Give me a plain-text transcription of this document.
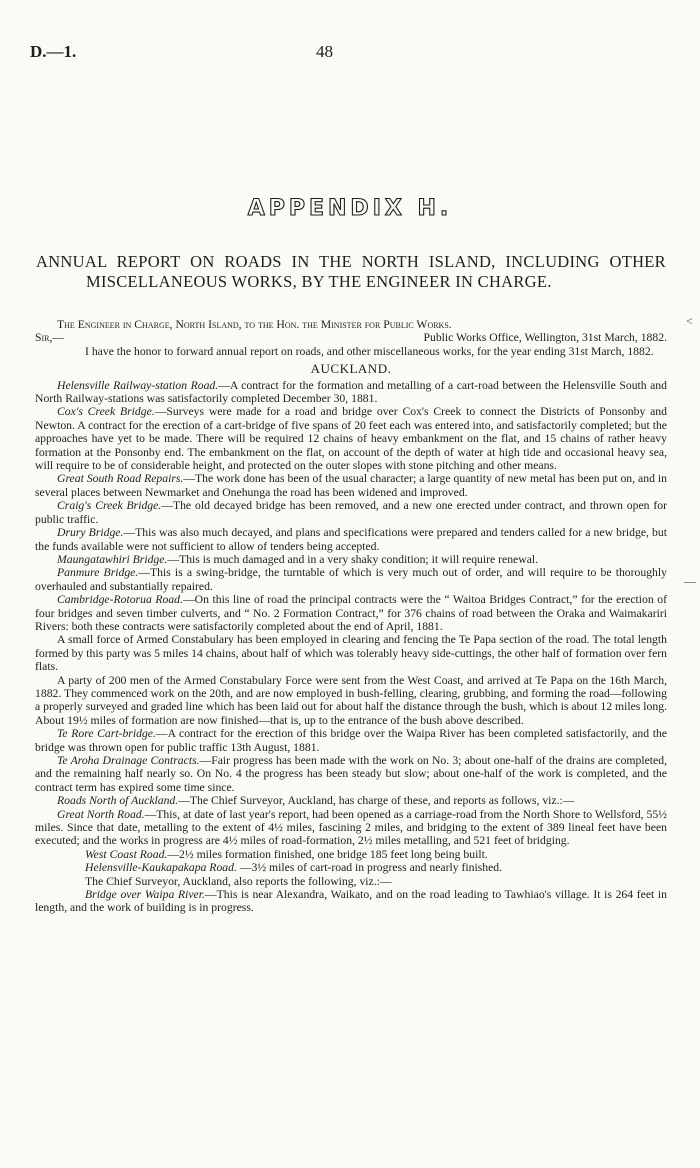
D.—1.	48
APPENDIX H.
ANNUAL REPORT ON ROADS IN THE NORTH ISLAND, INCLUDING OTHER MISCELLANEOUS WORKS, BY THE ENGINEER IN CHARGE.

The Engineer in Charge, North Island, to the Hon. the Minister for Public Works.

Sir,—	Public Works Office, Wellington, 31st March, 1882.

I have the honor to forward annual report on roads, and other miscellaneous works, for the year ending 31st March, 1882.

AUCKLAND.

Helensville Railway-station Road.—A contract for the formation and metalling of a cart-road between the Helensville South and North Railway-stations was satisfactorily completed December 30, 1881.

Cox's Creek Bridge.—Surveys were made for a road and bridge over Cox's Creek to connect the Districts of Ponsonby and Newton. A contract for the erection of a cart-bridge of five spans of 20 feet each was entered into, and satisfactorily completed; but the approaches have yet to be made. There will be required 12 chains of heavy embankment on the flat, and 15 chains of rather heavy formation at the Ponsonby end. The embankment on the flat, on account of the depth of water at high tide and occasional heavy sea, will require to be of considerable height, and protected on the outer slopes with stone pitching and other means.

Great South Road Repairs.—The work done has been of the usual character; a large quantity of new metal has been put on, and in several places between Newmarket and Onehunga the road has been widened and improved.

Craig's Creek Bridge.—The old decayed bridge has been removed, and a new one erected under contract, and thrown open for public traffic.

Drury Bridge.—This was also much decayed, and plans and specifications were prepared and tenders called for a new bridge, but the funds available were not sufficient to allow of tenders being accepted.

Maungatawhiri Bridge.—This is much damaged and in a very shaky condition; it will require renewal.

Panmure Bridge.—This is a swing-bridge, the turntable of which is very much out of order, and will require to be thoroughly overhauled and substantially repaired.

Cambridge-Rotorua Road.—On this line of road the principal contracts were the “ Waitoa Bridges Contract,” for the erection of four bridges and seven timber culverts, and “ No. 2 Formation Contract,” for 376 chains of road between the Oraka and Waimakariri Rivers: both these contracts were satisfactorily completed about the end of April, 1881.

A small force of Armed Constabulary has been employed in clearing and fencing the Te Papa section of the road. The total length formed by this party was 5 miles 14 chains, about half of which was tolerably heavy side-cuttings, the other half of formation over fern flats.

A party of 200 men of the Armed Constabulary Force were sent from the West Coast, and arrived at Te Papa on the 16th March, 1882. They commenced work on the 20th, and are now employed in bush-felling, clearing, grubbing, and forming the road—following a properly surveyed and graded line which has been laid out for about half the distance through the bush, which is about 12 miles long. About 19½ miles of formation are now finished—that is, up to the entrance of the bush above described.

Te Rore Cart-bridge.—A contract for the erection of this bridge over the Waipa River has been completed satisfactorily, and the bridge was thrown open for public traffic 13th August, 1881.

Te Aroha Drainage Contracts.—Fair progress has been made with the work on No. 3; about one-half of the drains are completed, and the remaining half nearly so. On No. 4 the progress has been steady but slow; about one-half of the work is completed, and the contract term has expired some time since.

Roads North of Auckland.—The Chief Surveyor, Auckland, has charge of these, and reports as follows, viz.:—

Great North Road.—This, at date of last year's report, had been opened as a carriage-road from the North Shore to Wellsford, 55½ miles. Since that date, metalling to the extent of 4½ miles, fascining 2 miles, and bridging to the extent of 389 lineal feet have been executed; and the works in progress are 4½ miles of road-formation, 2½ miles metalling, and 521 feet of bridging.

West Coast Road.—2½ miles formation finished, one bridge 185 feet long being built.

Helensville-Kaukapakapa Road. —3½ miles of cart-road in progress and nearly finished.

The Chief Surveyor, Auckland, also reports the following, viz.:—

Bridge over Waipa River.—This is near Alexandra, Waikato, and on the road leading to Tawhiao's village. It is 264 feet in length, and the work of building is in progress.

˂
—
